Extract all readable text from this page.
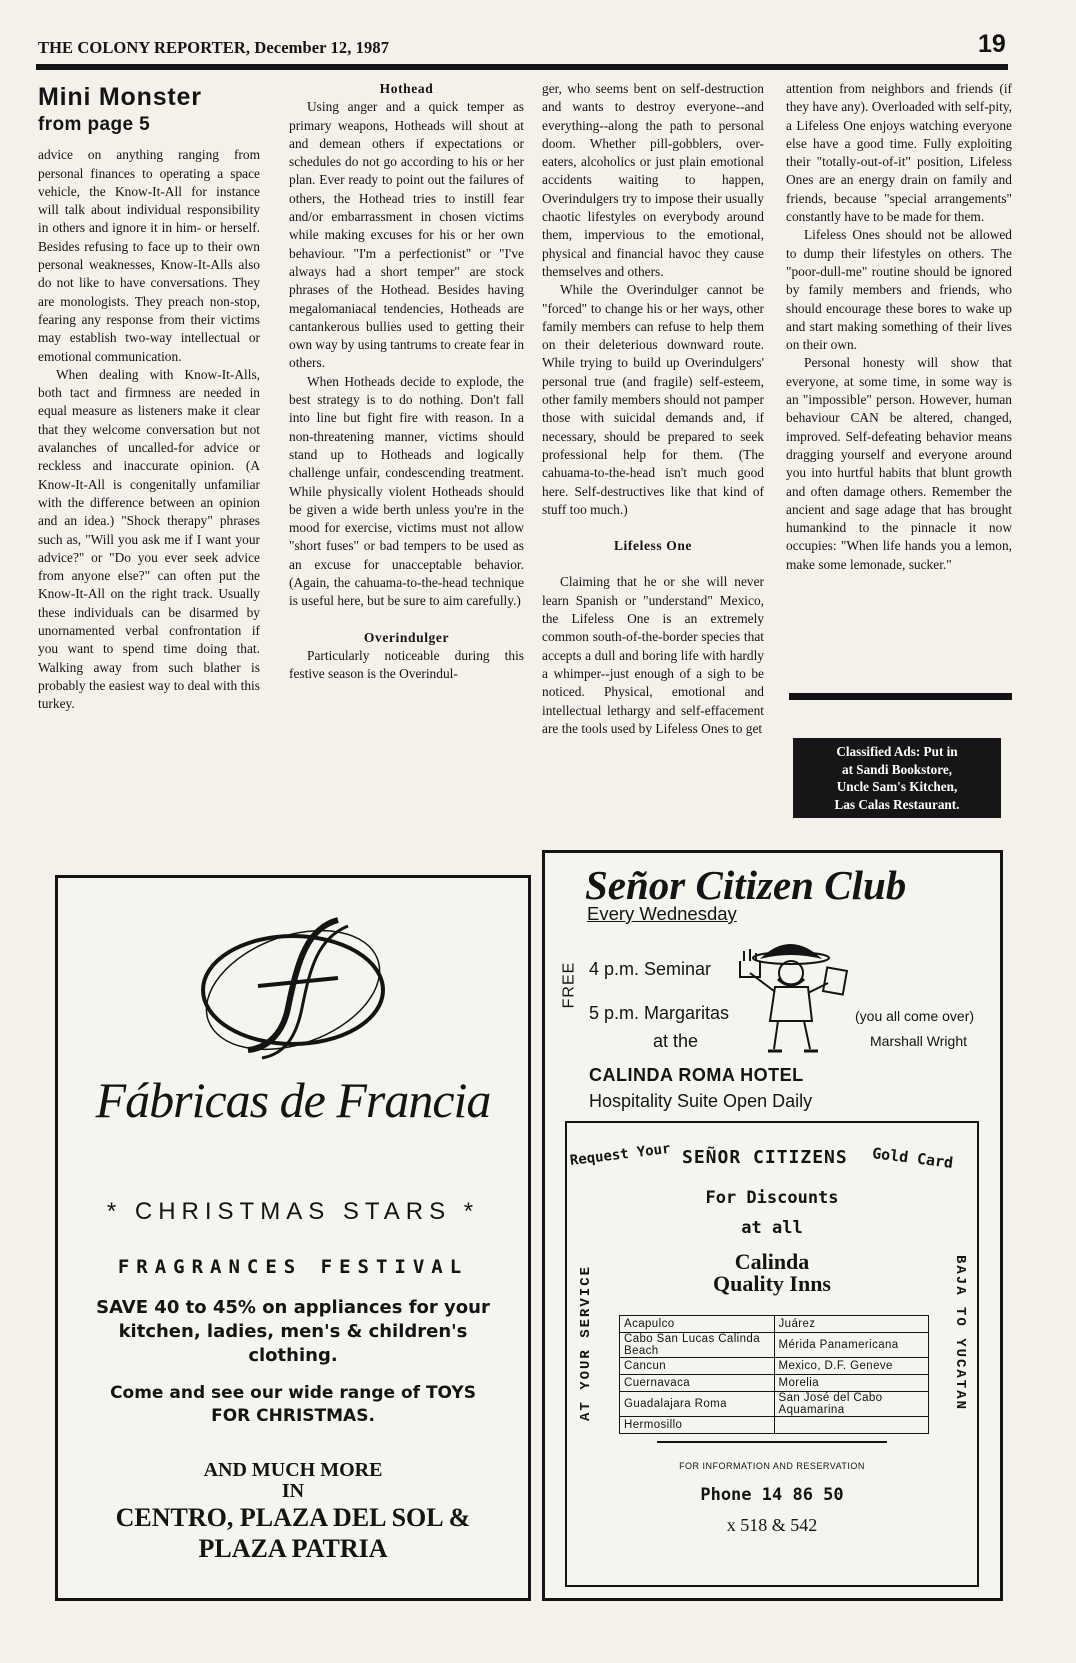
THE COLONY REPORTER, December 12, 1987	19
Mini Monster
from page 5

advice on anything ranging from personal finances to operating a space vehicle, the Know-It-All for instance will talk about individual responsibility in others and ignore it in him- or herself. Besides refusing to face up to their own personal weaknesses, Know-It-Alls also do not like to have conversations. They are monologists. They preach non-stop, fearing any response from their victims may establish two-way intellectual or emotional communication.

When dealing with Know-It-Alls, both tact and firmness are needed in equal measure as listeners make it clear that they welcome conversation but not avalanches of uncalled-for advice or reckless and inaccurate opinion. (A Know-It-All is congenitally unfamiliar with the difference between an opinion and an idea.) "Shock therapy" phrases such as, "Will you ask me if I want your advice?" or "Do you ever seek advice from anyone else?" can often put the Know-It-All on the right track. Usually these individuals can be disarmed by unornamented verbal confrontation if you want to spend time doing that. Walking away from such blather is probably the easiest way to deal with this turkey.

Hothead

Using anger and a quick temper as primary weapons, Hotheads will shout at and demean others if expectations or schedules do not go according to his or her plan. Ever ready to point out the failures of others, the Hothead tries to instill fear and/or embarrassment in chosen victims while making excuses for his or her own behaviour. "I'm a perfectionist" or "I've always had a short temper" are stock phrases of the Hothead. Besides having megalomaniacal tendencies, Hotheads are cantankerous bullies used to getting their own way by using tantrums to create fear in others.

When Hotheads decide to explode, the best strategy is to do nothing. Don't fall into line but fight fire with reason. In a non-threatening manner, victims should stand up to Hotheads and logically challenge unfair, condescending treatment. While physically violent Hotheads should be given a wide berth unless you're in the mood for exercise, victims must not allow "short fuses" or bad tempers to be used as an excuse for unacceptable behavior. (Again, the cahuama-to-the-head technique is useful here, but be sure to aim carefully.)

Overindulger

Particularly noticeable during this festive season is the Overindul-

ger, who seems bent on self-destruction and wants to destroy everyone--and everything--along the path to personal doom. Whether pill-gobblers, over-eaters, alcoholics or just plain emotional accidents waiting to happen, Overindulgers try to impose their usually chaotic lifestyles on everybody around them, impervious to the emotional, physical and financial havoc they cause themselves and others.

While the Overindulger cannot be "forced" to change his or her ways, other family members can refuse to help them on their deleterious downward route. While trying to build up Overindulgers' personal true (and fragile) self-esteem, other family members should not pamper those with suicidal demands and, if necessary, should be prepared to seek professional help for them. (The cahuama-to-the-head isn't much good here. Self-destructives like that kind of stuff too much.)

Lifeless One

Claiming that he or she will never learn Spanish or "understand" Mexico, the Lifeless One is an extremely common south-of-the-border species that accepts a dull and boring life with hardly a whimper--just enough of a sigh to be noticed. Physical, emotional and intellectual lethargy and self-effacement are the tools used by Lifeless Ones to get

attention from neighbors and friends (if they have any). Overloaded with self-pity, a Lifeless One enjoys watching everyone else have a good time. Fully exploiting their "totally-out-of-it" position, Lifeless Ones are an energy drain on family and friends, because "special arrangements" constantly have to be made for them.

Lifeless Ones should not be allowed to dump their lifestyles on others. The "poor-dull-me" routine should be ignored by family members and friends, who should encourage these bores to wake up and start making something of their lives on their own.

Personal honesty will show that everyone, at some time, in some way is an "impossible" person. However, human behaviour CAN be altered, changed, improved. Self-defeating behavior means dragging yourself and everyone around you into hurtful habits that blunt growth and often damage others. Remember the ancient and sage adage that has brought humankind to the pinnacle it now occupies: "When life hands you a lemon, make some lemonade, sucker."

Classified Ads: Put in
at Sandi Bookstore,
Uncle Sam's Kitchen,
Las Calas Restaurant.
F
Fábricas de Francia
* CHRISTMAS STARS *
FRAGRANCES FESTIVAL
SAVE 40 to 45% on appliances for your kitchen, ladies, men's & children's clothing.
Come and see our wide range of TOYS FOR CHRISTMAS.
AND MUCH MORE
IN
CENTRO, PLAZA DEL SOL &
PLAZA PATRIA
Señor Citizen Club
Every Wednesday
FREE 4 p.m. Seminar
5 p.m. Margaritas
at the
(you all come over)
Marshall Wright
CALINDA ROMA HOTEL
Hospitality Suite Open Daily
Request Your SEÑOR CITIZENS Gold Card
For Discounts
at all
Calinda
Quality Inns
AT YOUR SERVICE	BAJA TO YUCATAN
Acapulco	Juárez
Cabo San Lucas Calinda Beach	Mérida Panamericana
Cancun	Mexico, D.F. Geneve
Cuernavaca	Morelia
Guadalajara Roma	San José del Cabo Aquamarina
Hermosillo	
FOR INFORMATION AND RESERVATION
Phone 14 86 50
x 518 & 542
